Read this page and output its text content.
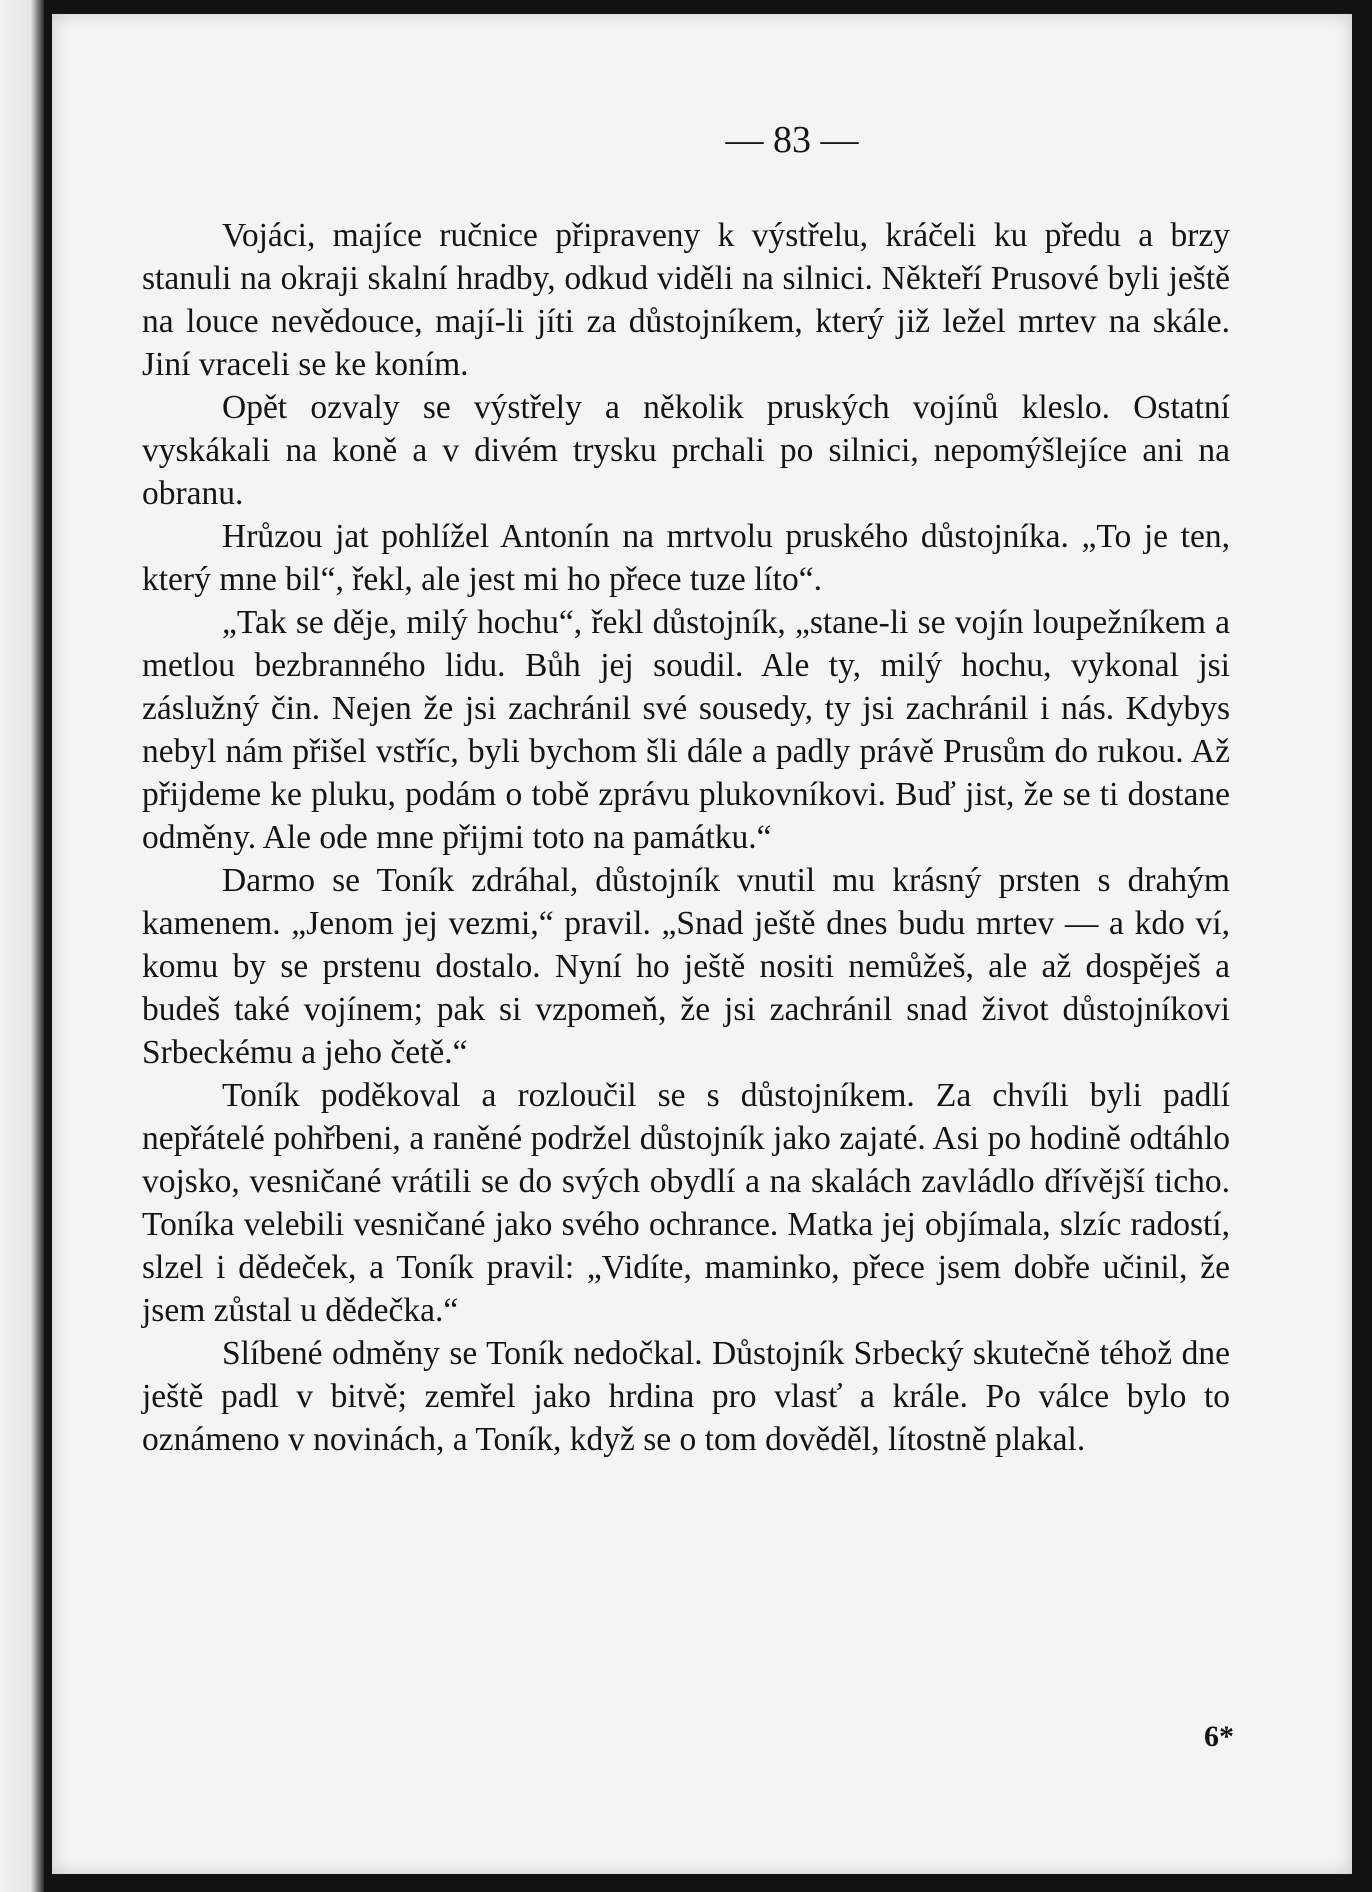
— 83 —

Vojáci, majíce ručnice připraveny k výstřelu, kráčeli ku předu a brzy stanuli na okraji skalní hradby, odkud viděli na silnici. Někteří Prusové byli ještě na louce nevědouce, mají-li jíti za důstojníkem, který již ležel mrtev na skále. Jiní vraceli se ke koním.

Opět ozvaly se výstřely a několik pruských vojínů kleslo. Ostatní vyskákali na koně a v divém trysku prchali po silnici, nepomýšlejíce ani na obranu.

Hrůzou jat pohlížel Antonín na mrtvolu pruského důstojníka. „To je ten, který mne bil“, řekl, ale jest mi ho přece tuze líto“.

„Tak se děje, milý hochu“, řekl důstojník, „stane-li se vojín loupežníkem a metlou bezbranného lidu. Bůh jej soudil. Ale ty, milý hochu, vykonal jsi záslužný čin. Nejen že jsi zachránil své sousedy, ty jsi zachránil i nás. Kdybys nebyl nám přišel vstříc, byli bychom šli dále a padly právě Prusům do rukou. Až přijdeme ke pluku, podám o tobě zprávu plukovníkovi. Buď jist, že se ti dostane odměny. Ale ode mne přijmi toto na památku.“

Darmo se Toník zdráhal, důstojník vnutil mu krásný prsten s drahým kamenem. „Jenom jej vezmi,“ pravil. „Snad ještě dnes budu mrtev — a kdo ví, komu by se prstenu dostalo. Nyní ho ještě nositi nemůžeš, ale až dospěješ a budeš také vojínem; pak si vzpomeň, že jsi zachránil snad život důstojníkovi Srbeckému a jeho četě.“

Toník poděkoval a rozloučil se s důstojníkem. Za chvíli byli padlí nepřátelé pohřbeni, a raněné podržel důstojník jako zajaté. Asi po hodině odtáhlo vojsko, vesničané vrátili se do svých obydlí a na skalách zavládlo dřívější ticho. Toníka velebili vesničané jako svého ochrance. Matka jej objímala, slzíc radostí, slzel i dědeček, a Toník pravil: „Vidíte, maminko, přece jsem dobře učinil, že jsem zůstal u dědečka.“

Slíbené odměny se Toník nedočkal. Důstojník Srbecký skutečně téhož dne ještě padl v bitvě; zemřel jako hrdina pro vlasť a krále. Po válce bylo to oznámeno v novinách, a Toník, když se o tom dověděl, lítostně plakal.

6*
